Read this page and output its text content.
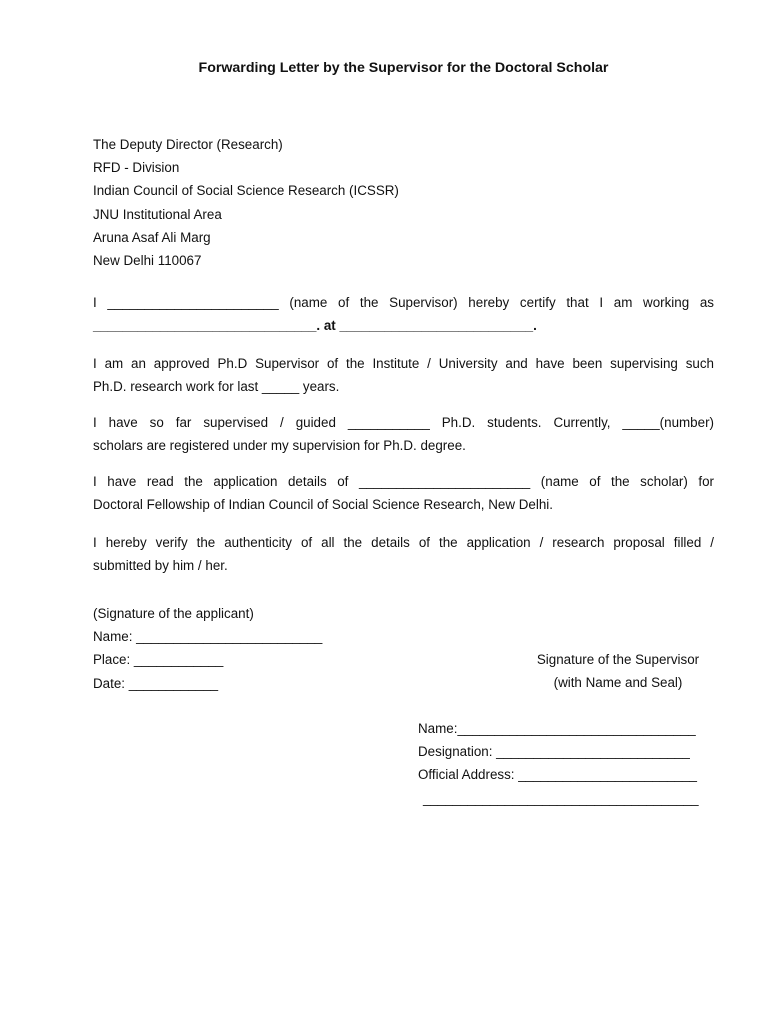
Forwarding Letter by the Supervisor for the Doctoral Scholar
The Deputy Director (Research)
RFD - Division
Indian Council of Social Science Research (ICSSR)
JNU Institutional Area
Aruna Asaf Ali Marg
New Delhi 110067
I _______________________ (name of the Supervisor) hereby certify that I am working as
______________________________. at __________________________.
I am an approved Ph.D Supervisor of the Institute / University and have been supervising such
Ph.D. research work for last _____ years.
I have so far supervised / guided ___________ Ph.D. students. Currently, _____(number)
scholars are registered under my supervision for Ph.D. degree.
I have read the application details of _______________________ (name of the scholar) for
Doctoral Fellowship of Indian Council of Social Science Research, New Delhi.
I hereby verify the authenticity of all the details of the application / research proposal filled /
submitted by him / her.
(Signature of the applicant)
Name: _________________________
Place: ____________
Date: ____________
Signature of the Supervisor
(with Name and Seal)
Name:________________________________
Designation: __________________________
Official Address: ________________________
_____________________________________
